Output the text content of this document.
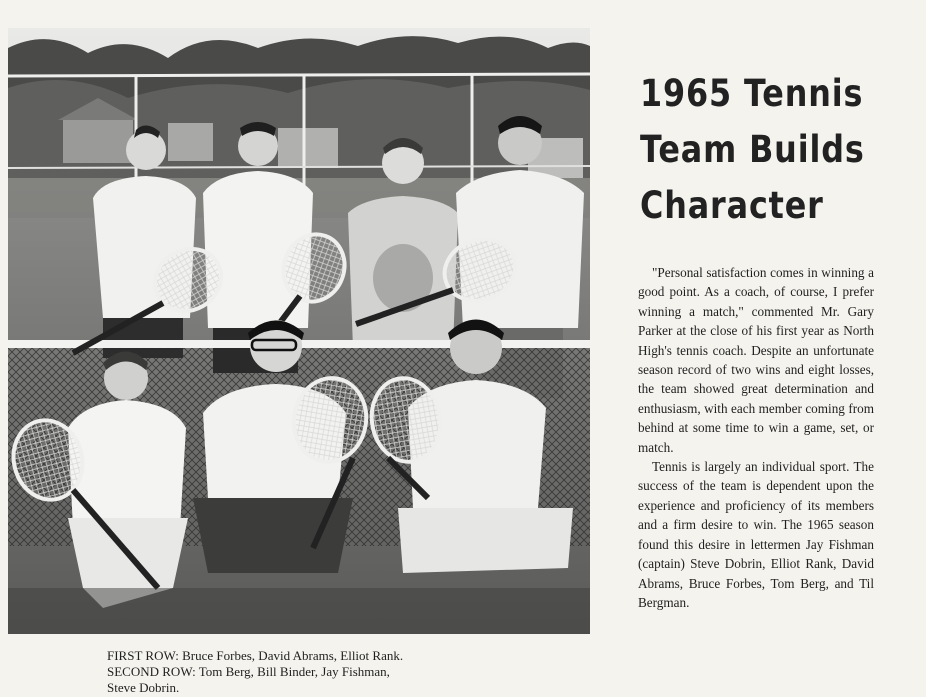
FIRST ROW: Bruce Forbes, David Abrams, Elliot Rank.
SECOND ROW: Tom Berg, Bill Binder, Jay Fishman,
Steve Dobrin.
1965 Tennis
Team Builds
Character

"Personal satisfaction comes in winning a good point. As a coach, of course, I prefer winning a match," commented Mr. Gary Parker at the close of his first year as North High's tennis coach. Despite an unfortunate season record of two wins and eight losses, the team showed great determination and enthusiasm, with each member coming from behind at some time to win a game, set, or match.

Tennis is largely an individual sport. The success of the team is dependent upon the experience and proficiency of its members and a firm desire to win. The 1965 season found this desire in lettermen Jay Fishman (captain) Steve Dobrin, Elliot Rank, David Abrams, Bruce Forbes, Tom Berg, and Til Bergman.
